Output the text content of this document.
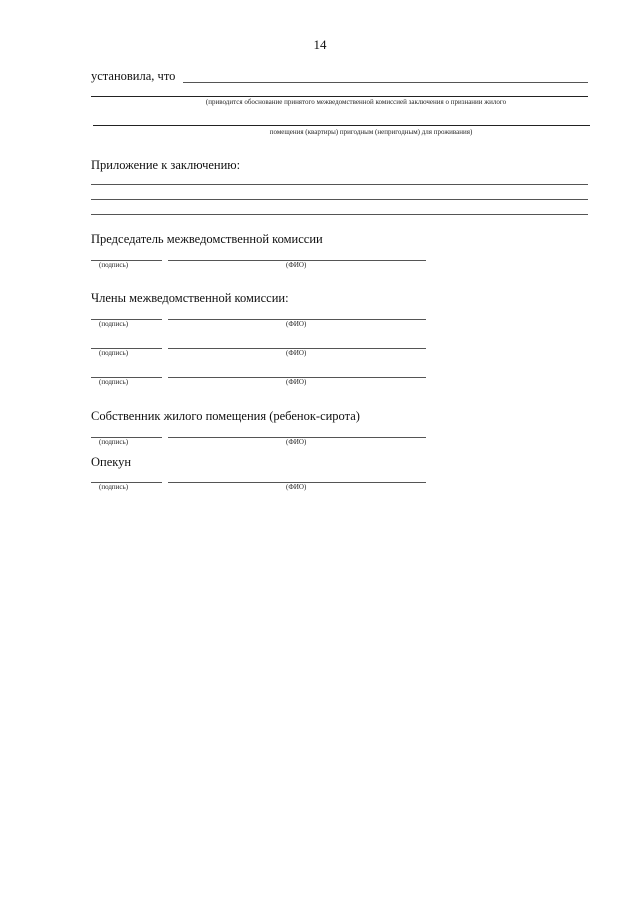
14
установила, что
(приводится обоснование принятого межведомственной комиссией заключения о признании жилого
помещения (квартиры) пригодным (непригодным) для проживания)
Приложение к заключению:
Председатель межведомственной комиссии
(подпись)	(ФИО)
Члены межведомственной комиссии:
(подпись)	(ФИО)
(подпись)	(ФИО)
(подпись)	(ФИО)
Собственник жилого помещения (ребенок-сирота)
(подпись)	(ФИО)
Опекун
(подпись)	(ФИО)
